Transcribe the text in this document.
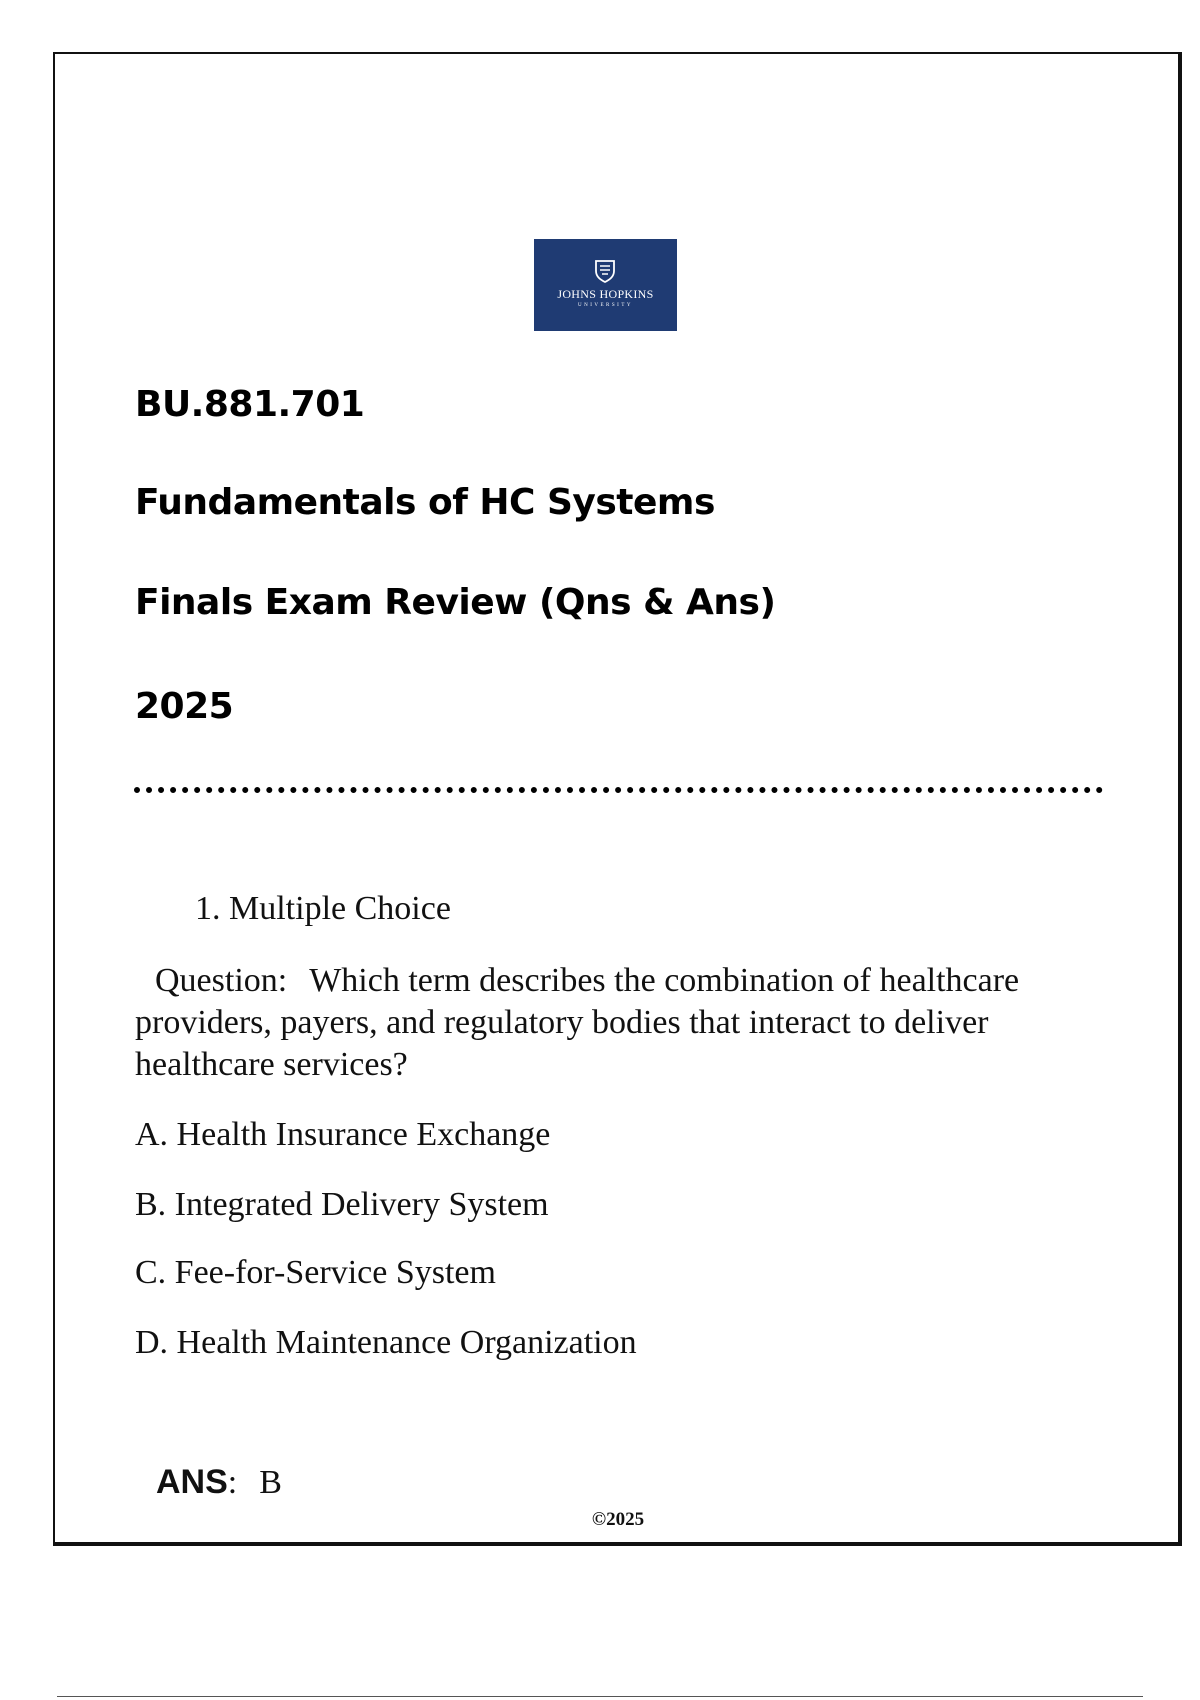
JOHNS HOPKINS
UNIVERSITY
BU.881.701
Fundamentals of HC Systems
Finals Exam Review (Qns & Ans)
2025
1. Multiple Choice
Question: Which term describes the combination of healthcare providers, payers, and regulatory bodies that interact to deliver healthcare services?
A. Health Insurance Exchange
B. Integrated Delivery System
C. Fee-for-Service System
D. Health Maintenance Organization
ANS: B
©2025
